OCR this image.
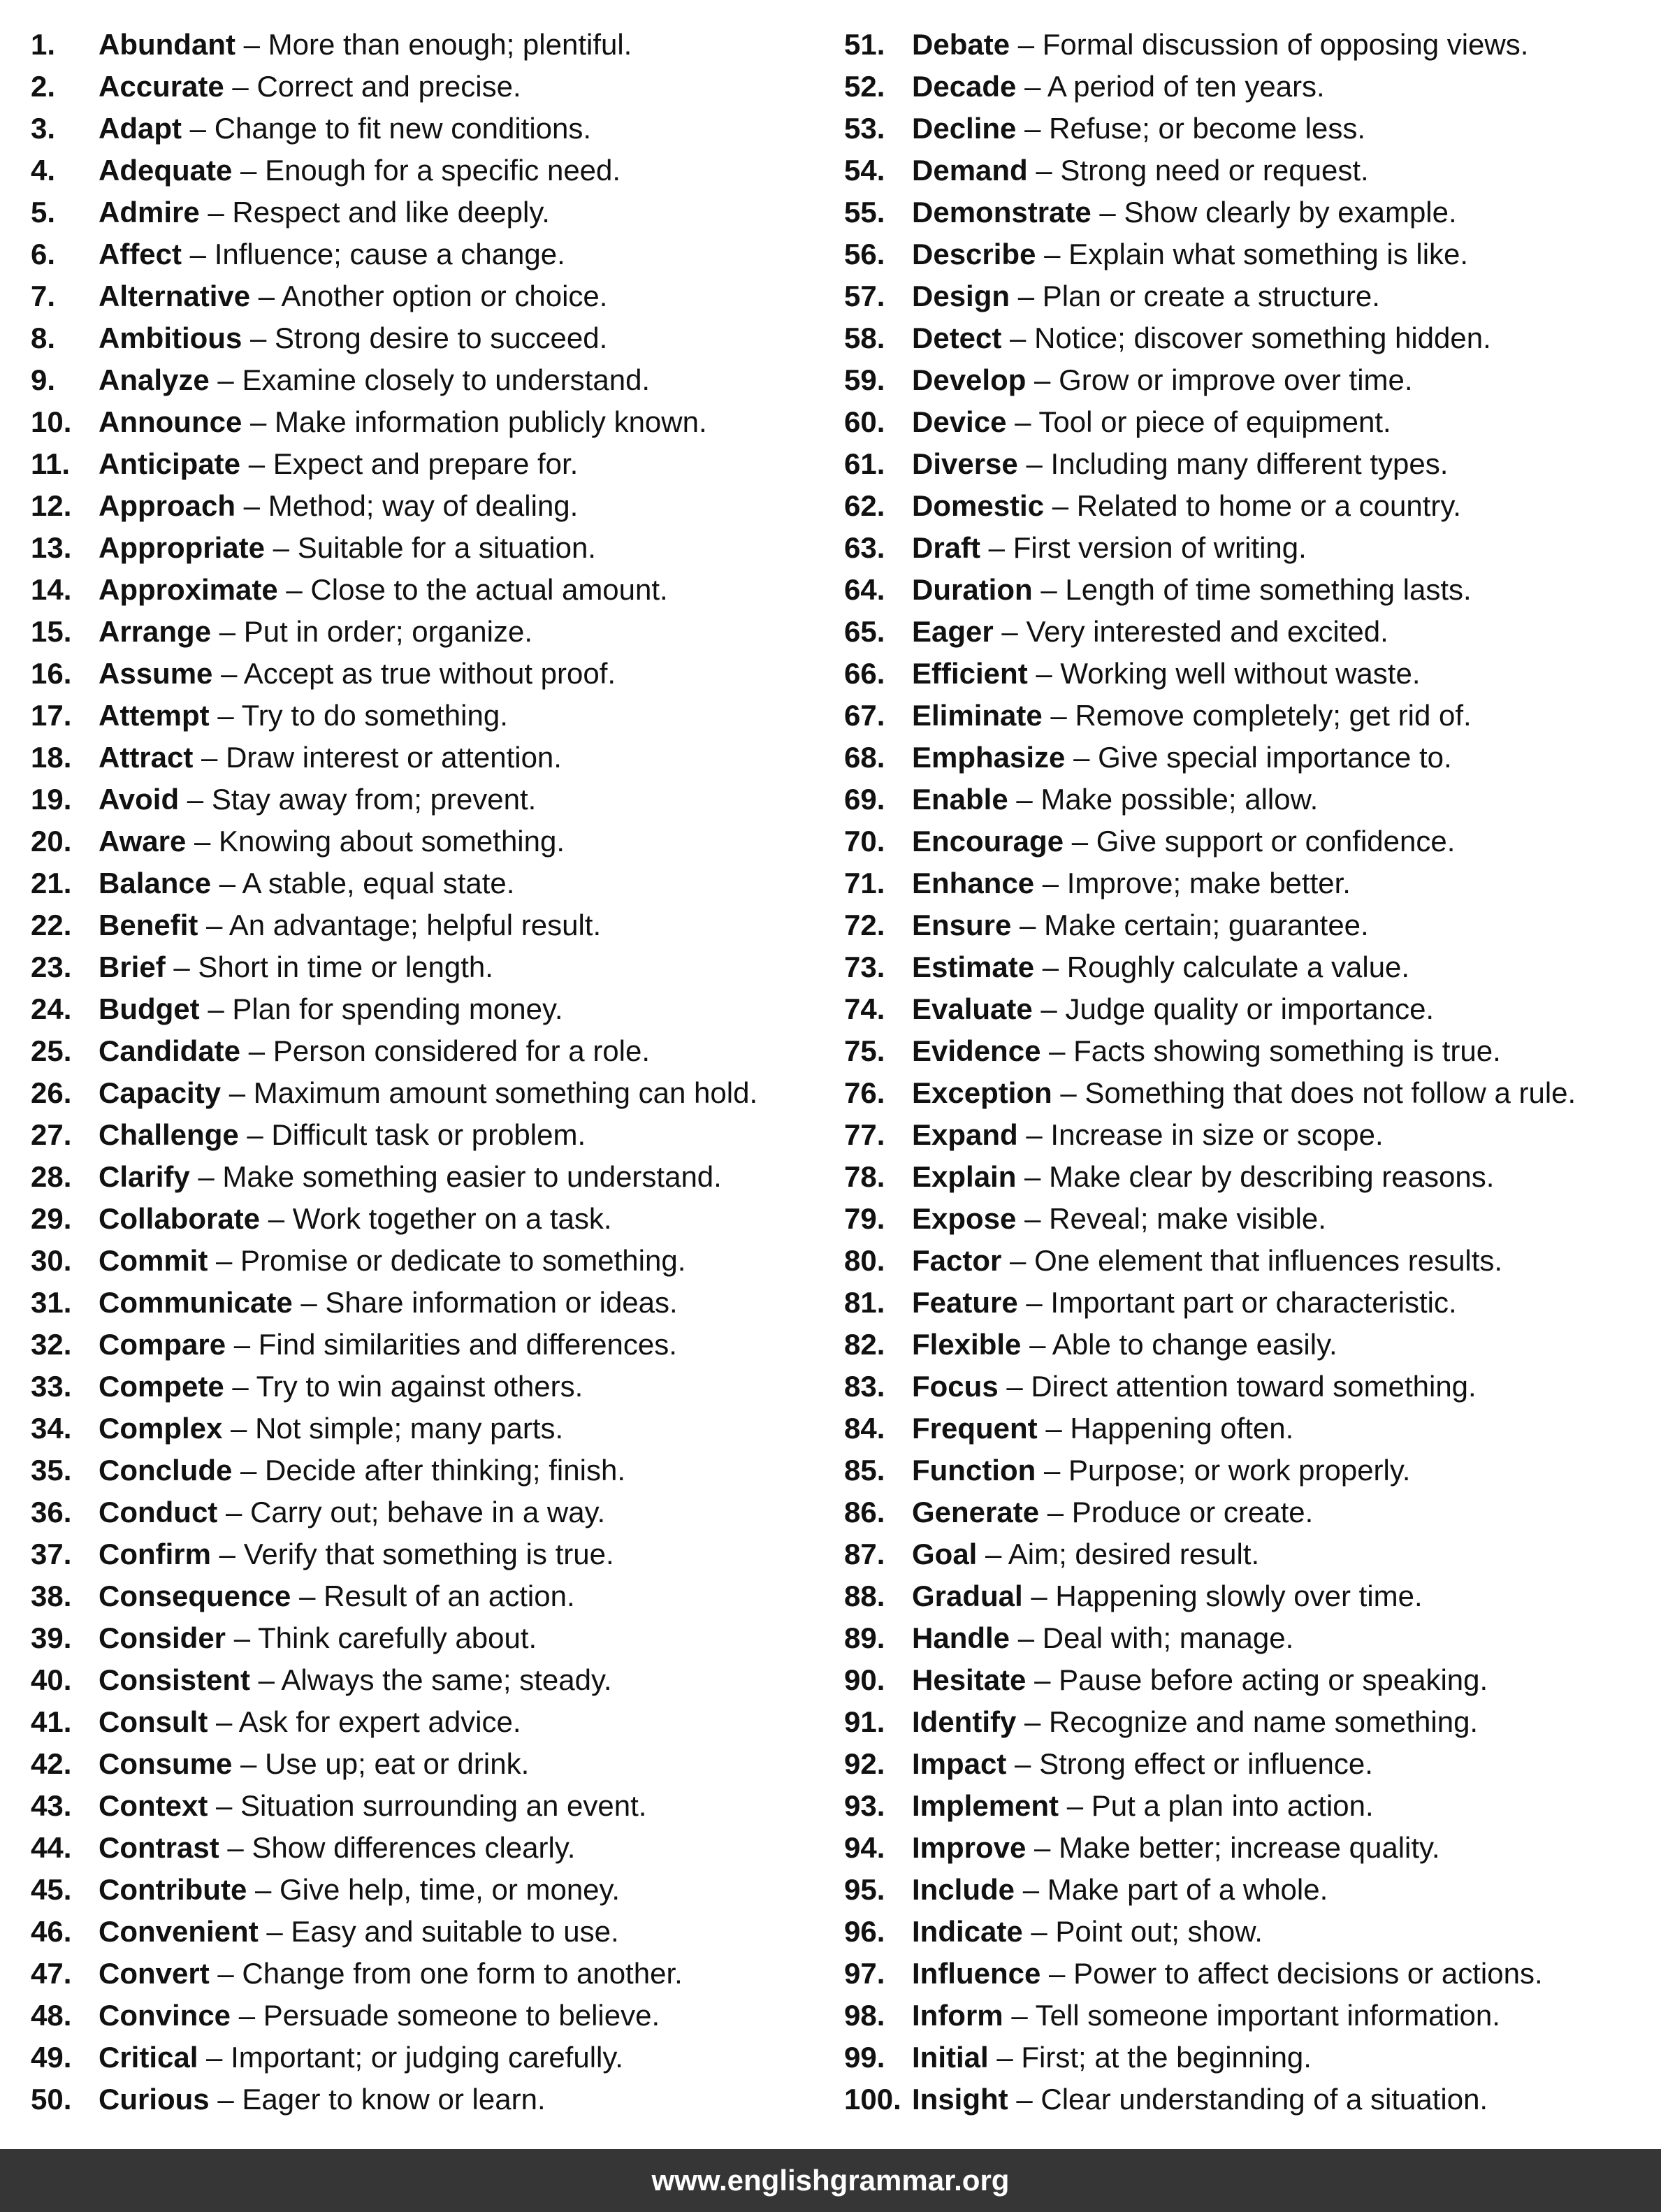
1. Abundant – More than enough; plentiful.
2. Accurate – Correct and precise.
3. Adapt – Change to fit new conditions.
4. Adequate – Enough for a specific need.
5. Admire – Respect and like deeply.
6. Affect – Influence; cause a change.
7. Alternative – Another option or choice.
8. Ambitious – Strong desire to succeed.
9. Analyze – Examine closely to understand.
10. Announce – Make information publicly known.
11. Anticipate – Expect and prepare for.
12. Approach – Method; way of dealing.
13. Appropriate – Suitable for a situation.
14. Approximate – Close to the actual amount.
15. Arrange – Put in order; organize.
16. Assume – Accept as true without proof.
17. Attempt – Try to do something.
18. Attract – Draw interest or attention.
19. Avoid – Stay away from; prevent.
20. Aware – Knowing about something.
21. Balance – A stable, equal state.
22. Benefit – An advantage; helpful result.
23. Brief – Short in time or length.
24. Budget – Plan for spending money.
25. Candidate – Person considered for a role.
26. Capacity – Maximum amount something can hold.
27. Challenge – Difficult task or problem.
28. Clarify – Make something easier to understand.
29. Collaborate – Work together on a task.
30. Commit – Promise or dedicate to something.
31. Communicate – Share information or ideas.
32. Compare – Find similarities and differences.
33. Compete – Try to win against others.
34. Complex – Not simple; many parts.
35. Conclude – Decide after thinking; finish.
36. Conduct – Carry out; behave in a way.
37. Confirm – Verify that something is true.
38. Consequence – Result of an action.
39. Consider – Think carefully about.
40. Consistent – Always the same; steady.
41. Consult – Ask for expert advice.
42. Consume – Use up; eat or drink.
43. Context – Situation surrounding an event.
44. Contrast – Show differences clearly.
45. Contribute – Give help, time, or money.
46. Convenient – Easy and suitable to use.
47. Convert – Change from one form to another.
48. Convince – Persuade someone to believe.
49. Critical – Important; or judging carefully.
50. Curious – Eager to know or learn.
51. Debate – Formal discussion of opposing views.
52. Decade – A period of ten years.
53. Decline – Refuse; or become less.
54. Demand – Strong need or request.
55. Demonstrate – Show clearly by example.
56. Describe – Explain what something is like.
57. Design – Plan or create a structure.
58. Detect – Notice; discover something hidden.
59. Develop – Grow or improve over time.
60. Device – Tool or piece of equipment.
61. Diverse – Including many different types.
62. Domestic – Related to home or a country.
63. Draft – First version of writing.
64. Duration – Length of time something lasts.
65. Eager – Very interested and excited.
66. Efficient – Working well without waste.
67. Eliminate – Remove completely; get rid of.
68. Emphasize – Give special importance to.
69. Enable – Make possible; allow.
70. Encourage – Give support or confidence.
71. Enhance – Improve; make better.
72. Ensure – Make certain; guarantee.
73. Estimate – Roughly calculate a value.
74. Evaluate – Judge quality or importance.
75. Evidence – Facts showing something is true.
76. Exception – Something that does not follow a rule.
77. Expand – Increase in size or scope.
78. Explain – Make clear by describing reasons.
79. Expose – Reveal; make visible.
80. Factor – One element that influences results.
81. Feature – Important part or characteristic.
82. Flexible – Able to change easily.
83. Focus – Direct attention toward something.
84. Frequent – Happening often.
85. Function – Purpose; or work properly.
86. Generate – Produce or create.
87. Goal – Aim; desired result.
88. Gradual – Happening slowly over time.
89. Handle – Deal with; manage.
90. Hesitate – Pause before acting or speaking.
91. Identify – Recognize and name something.
92. Impact – Strong effect or influence.
93. Implement – Put a plan into action.
94. Improve – Make better; increase quality.
95. Include – Make part of a whole.
96. Indicate – Point out; show.
97. Influence – Power to affect decisions or actions.
98. Inform – Tell someone important information.
99. Initial – First; at the beginning.
100. Insight – Clear understanding of a situation.
www.englishgrammar.org
